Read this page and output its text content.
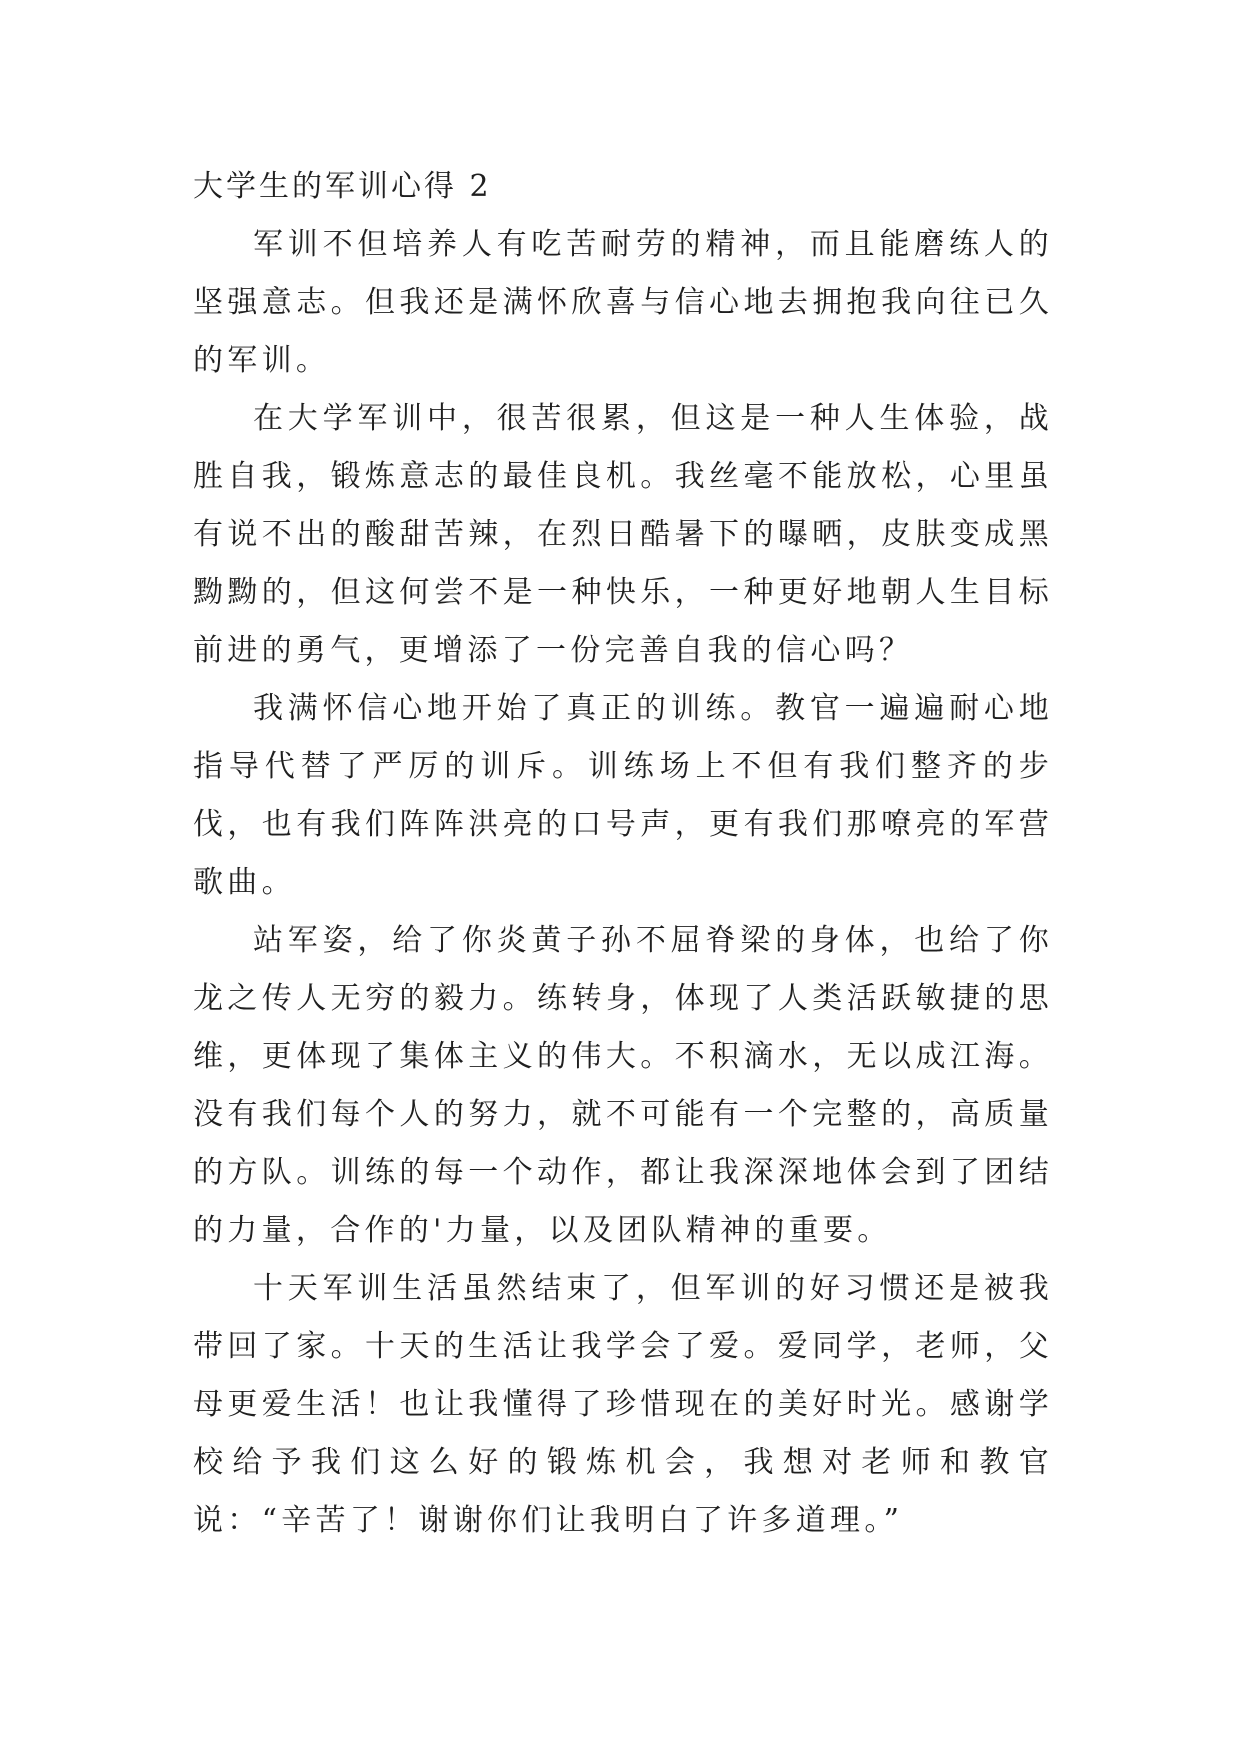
大学生的军训心得 2

军训不但培养人有吃苦耐劳的精神，而且能磨练人的坚强意志。但我还是满怀欣喜与信心地去拥抱我向往已久的军训。

在大学军训中，很苦很累，但这是一种人生体验，战胜自我，锻炼意志的最佳良机。我丝毫不能放松，心里虽有说不出的酸甜苦辣，在烈日酷暑下的曝晒，皮肤变成黑黝黝的，但这何尝不是一种快乐，一种更好地朝人生目标前进的勇气，更增添了一份完善自我的信心吗？

我满怀信心地开始了真正的训练。教官一遍遍耐心地指导代替了严厉的训斥。训练场上不但有我们整齐的步伐，也有我们阵阵洪亮的口号声，更有我们那嘹亮的军营歌曲。

站军姿，给了你炎黄子孙不屈脊梁的身体，也给了你龙之传人无穷的毅力。练转身，体现了人类活跃敏捷的思维，更体现了集体主义的伟大。不积滴水，无以成江海。没有我们每个人的努力，就不可能有一个完整的，高质量的方队。训练的每一个动作，都让我深深地体会到了团结的力量，合作的'力量，以及团队精神的重要。

十天军训生活虽然结束了，但军训的好习惯还是被我带回了家。十天的生活让我学会了爱。爱同学，老师，父母更爱生活！也让我懂得了珍惜现在的美好时光。感谢学校给予我们这么好的锻炼机会，我想对老师和教官说：“辛苦了！谢谢你们让我明白了许多道理。”
